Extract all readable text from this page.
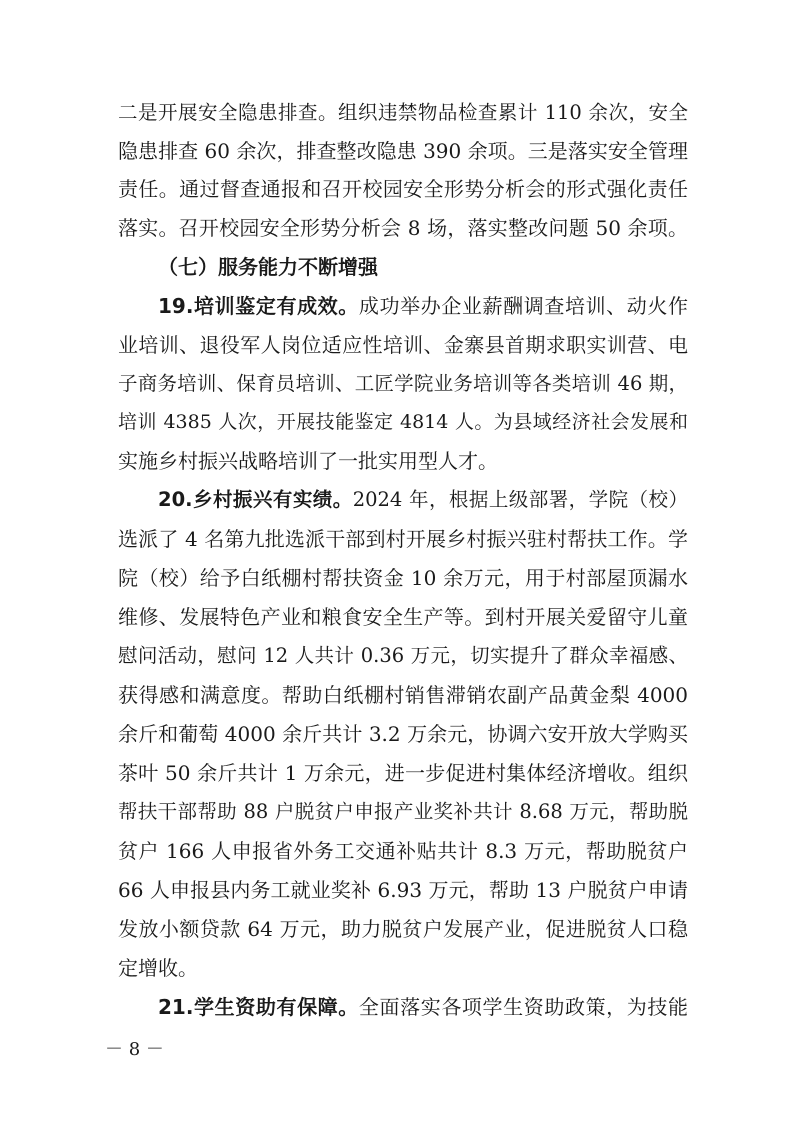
二是开展安全隐患排查。组织违禁物品检查累计 110 余次，安全
隐患排查 60 余次，排查整改隐患 390 余项。三是落实安全管理
责任。通过督查通报和召开校园安全形势分析会的形式强化责任
落实。召开校园安全形势分析会 8 场，落实整改问题 50 余项。
（七）服务能力不断增强
19.培训鉴定有成效。成功举办企业薪酬调查培训、动火作
业培训、退役军人岗位适应性培训、金寨县首期求职实训营、电
子商务培训、保育员培训、工匠学院业务培训等各类培训 46 期，
培训 4385 人次，开展技能鉴定 4814 人。为县域经济社会发展和
实施乡村振兴战略培训了一批实用型人才。
20.乡村振兴有实绩。2024 年，根据上级部署，学院（校）
选派了 4 名第九批选派干部到村开展乡村振兴驻村帮扶工作。学
院（校）给予白纸棚村帮扶资金 10 余万元，用于村部屋顶漏水
维修、发展特色产业和粮食安全生产等。到村开展关爱留守儿童
慰问活动，慰问 12 人共计 0.36 万元，切实提升了群众幸福感、
获得感和满意度。帮助白纸棚村销售滞销农副产品黄金梨 4000
余斤和葡萄 4000 余斤共计 3.2 万余元，协调六安开放大学购买
茶叶 50 余斤共计 1 万余元，进一步促进村集体经济增收。组织
帮扶干部帮助 88 户脱贫户申报产业奖补共计 8.68 万元，帮助脱
贫户 166 人申报省外务工交通补贴共计 8.3 万元，帮助脱贫户
66 人申报县内务工就业奖补 6.93 万元，帮助 13 户脱贫户申请
发放小额贷款 64 万元，助力脱贫户发展产业，促进脱贫人口稳
定增收。
21.学生资助有保障。全面落实各项学生资助政策，为技能
－ 8 －
